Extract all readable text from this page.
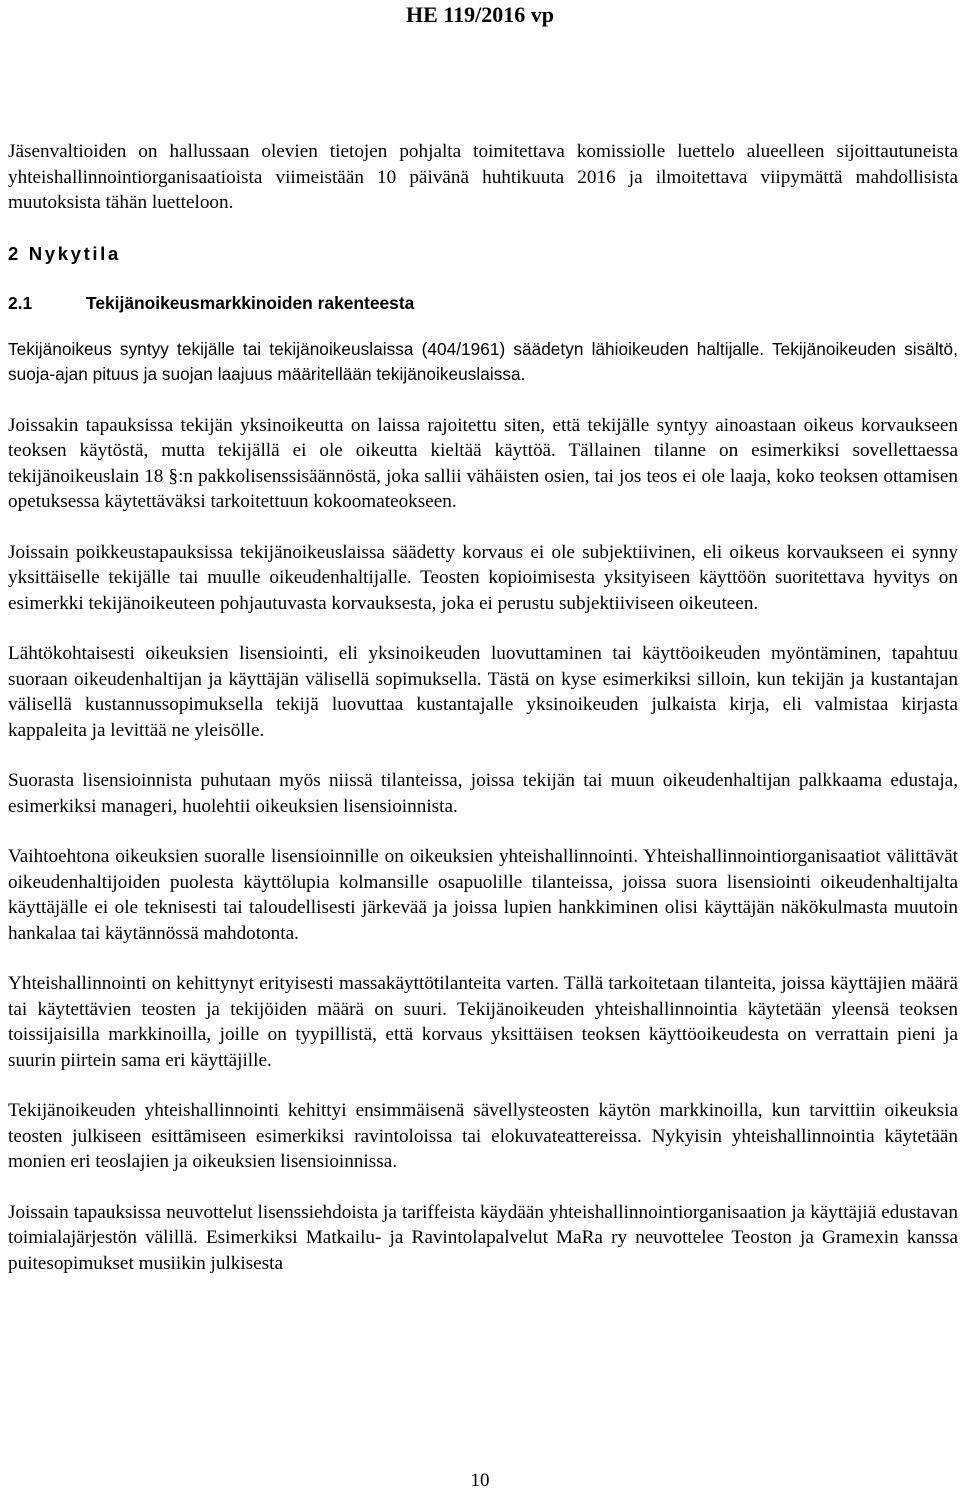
HE 119/2016 vp

Jäsenvaltioiden on hallussaan olevien tietojen pohjalta toimitettava komissiolle luettelo alueelleen sijoittautuneista yhteishallinnointiorganisaatioista viimeistään 10 päivänä huhtikuuta 2016 ja ilmoitettava viipymättä mahdollisista muutoksista tähän luetteloon.

2 Nykytila
2.1	Tekijänoikeusmarkkinoiden rakenteesta

Tekijänoikeus syntyy tekijälle tai tekijänoikeuslaissa (404/1961) säädetyn lähioikeuden haltijalle. Tekijänoikeuden sisältö, suoja-ajan pituus ja suojan laajuus määritellään tekijänoikeuslaissa.

Joissakin tapauksissa tekijän yksinoikeutta on laissa rajoitettu siten, että tekijälle syntyy ainoastaan oikeus korvaukseen teoksen käytöstä, mutta tekijällä ei ole oikeutta kieltää käyttöä. Tällainen tilanne on esimerkiksi sovellettaessa tekijänoikeuslain 18 §:n pakkolisenssisäännöstä, joka sallii vähäisten osien, tai jos teos ei ole laaja, koko teoksen ottamisen opetuksessa käytettäväksi tarkoitettuun kokoomateokseen.

Joissain poikkeustapauksissa tekijänoikeuslaissa säädetty korvaus ei ole subjektiivinen, eli oikeus korvaukseen ei synny yksittäiselle tekijälle tai muulle oikeudenhaltijalle. Teosten kopioimisesta yksityiseen käyttöön suoritettava hyvitys on esimerkki tekijänoikeuteen pohjautuvasta korvauksesta, joka ei perustu subjektiiviseen oikeuteen.

Lähtökohtaisesti oikeuksien lisensiointi, eli yksinoikeuden luovuttaminen tai käyttöoikeuden myöntäminen, tapahtuu suoraan oikeudenhaltijan ja käyttäjän välisellä sopimuksella. Tästä on kyse esimerkiksi silloin, kun tekijän ja kustantajan välisellä kustannussopimuksella tekijä luovuttaa kustantajalle yksinoikeuden julkaista kirja, eli valmistaa kirjasta kappaleita ja levittää ne yleisölle.

Suorasta lisensioinnista puhutaan myös niissä tilanteissa, joissa tekijän tai muun oikeudenhaltijan palkkaama edustaja, esimerkiksi manageri, huolehtii oikeuksien lisensioinnista.

Vaihtoehtona oikeuksien suoralle lisensioinnille on oikeuksien yhteishallinnointi. Yhteishallinnointiorganisaatiot välittävät oikeudenhaltijoiden puolesta käyttölupia kolmansille osapuolille tilanteissa, joissa suora lisensiointi oikeudenhaltijalta käyttäjälle ei ole teknisesti tai taloudellisesti järkevää ja joissa lupien hankkiminen olisi käyttäjän näkökulmasta muutoin hankalaa tai käytännössä mahdotonta.

Yhteishallinnointi on kehittynyt erityisesti massakäyttötilanteita varten. Tällä tarkoitetaan tilanteita, joissa käyttäjien määrä tai käytettävien teosten ja tekijöiden määrä on suuri. Tekijänoikeuden yhteishallinnointia käytetään yleensä teoksen toissijaisilla markkinoilla, joille on tyypillistä, että korvaus yksittäisen teoksen käyttöoikeudesta on verrattain pieni ja suurin piirtein sama eri käyttäjille.

Tekijänoikeuden yhteishallinnointi kehittyi ensimmäisenä sävellysteosten käytön markkinoilla, kun tarvittiin oikeuksia teosten julkiseen esittämiseen esimerkiksi ravintoloissa tai elokuvateattereissa. Nykyisin yhteishallinnointia käytetään monien eri teoslajien ja oikeuksien lisensioinnissa.

Joissain tapauksissa neuvottelut lisenssiehdoista ja tariffeista käydään yhteishallinnointiorganisaation ja käyttäjiä edustavan toimialajärjestön välillä. Esimerkiksi Matkailu- ja Ravintolapalvelut MaRa ry neuvottelee Teoston ja Gramexin kanssa puitesopimukset musiikin julkisesta

10
